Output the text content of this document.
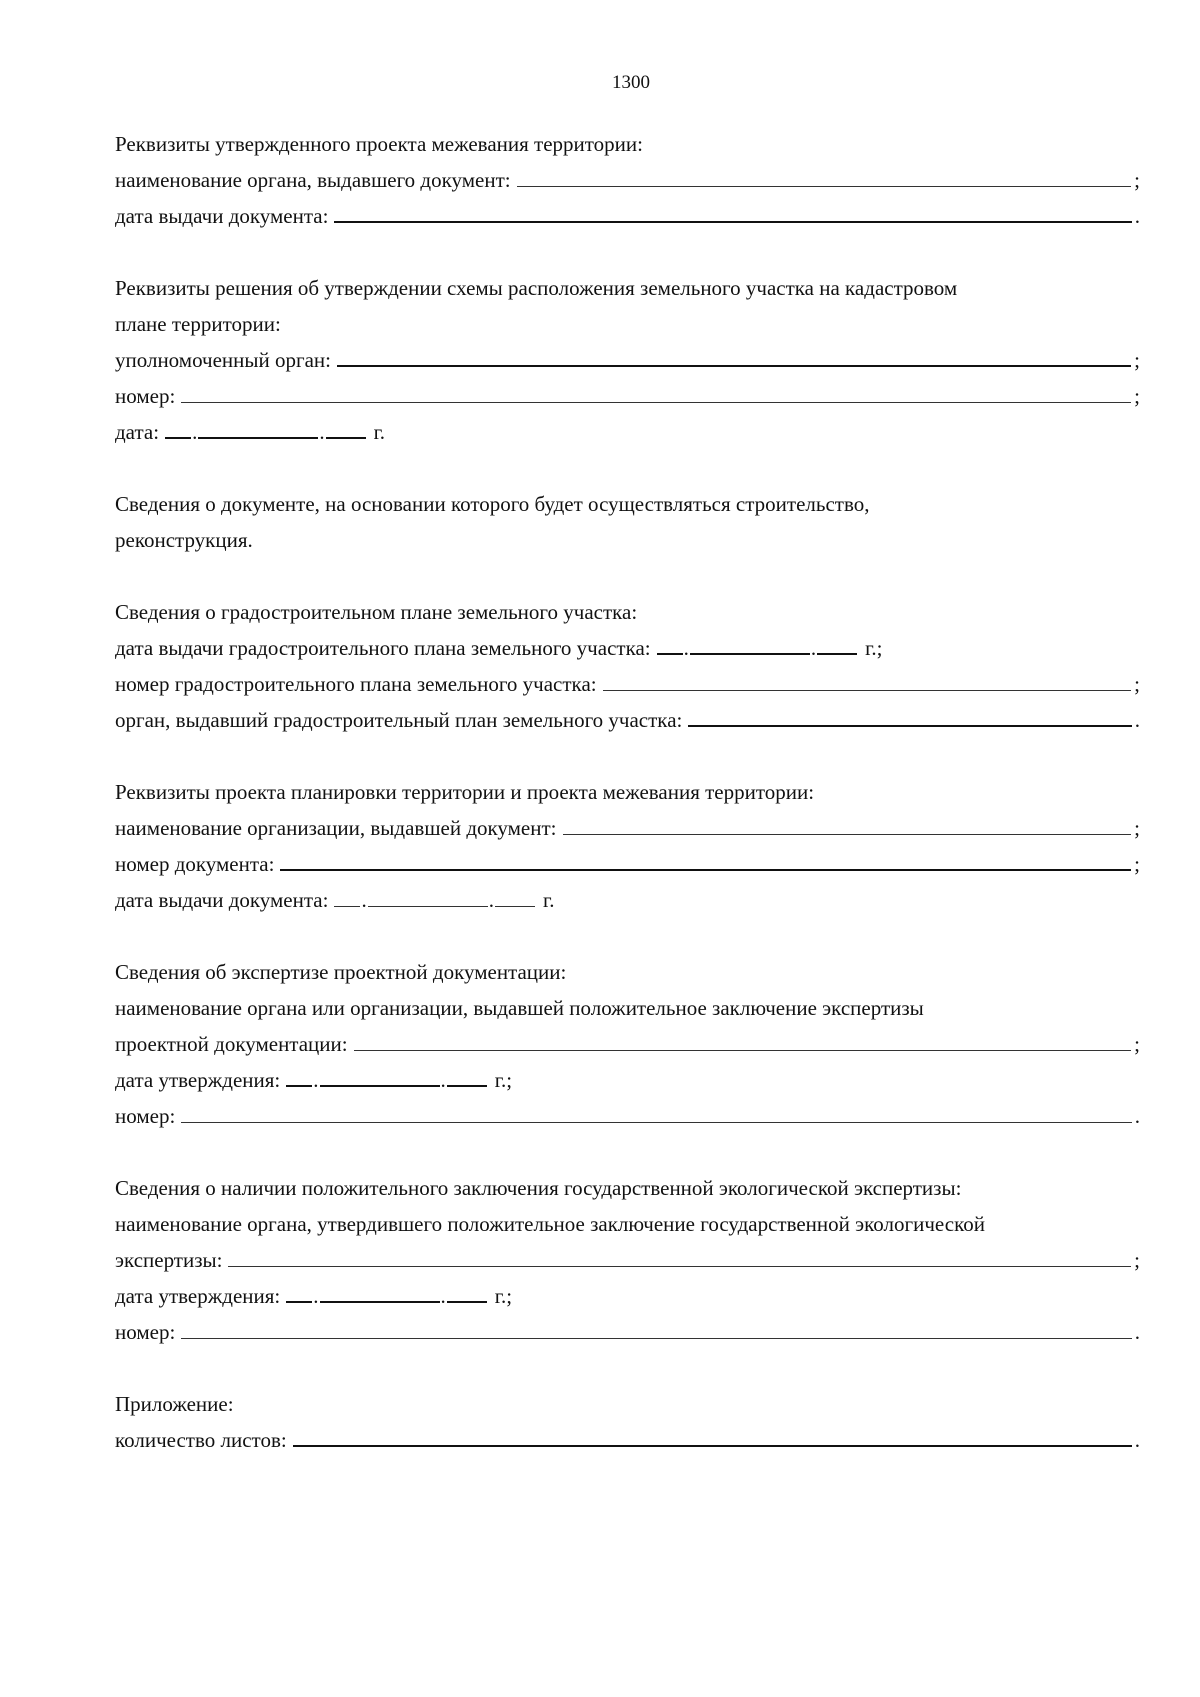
1300
Реквизиты утвержденного проекта межевания территории:
наименование органа, выдавшего документ:	;
дата выдачи документа:	.
Реквизиты решения об утверждении схемы расположения земельного участка на кадастровом
плане территории:
уполномоченный орган:	;
номер:	;
дата: .	. г.
Сведения о документе, на основании которого будет осуществляться строительство,
реконструкция.
Сведения о градостроительном плане земельного участка:
дата выдачи градостроительного плана земельного участка: .	. г.;
номер градостроительного плана земельного участка:	;
орган, выдавший градостроительный план земельного участка:	.
Реквизиты проекта планировки территории и проекта межевания территории:
наименование организации, выдавшей документ:	;
номер документа:	;
дата выдачи документа: .	. г.
Сведения об экспертизе проектной документации:
наименование органа или организации, выдавшей положительное заключение экспертизы
проектной документации:	;
дата утверждения: .	. г.;
номер:	.
Сведения о наличии положительного заключения государственной экологической экспертизы:
наименование органа, утвердившего положительное заключение государственной экологической
экспертизы:	;
дата утверждения: .	. г.;
номер:	.
Приложение:
количество листов:	.
